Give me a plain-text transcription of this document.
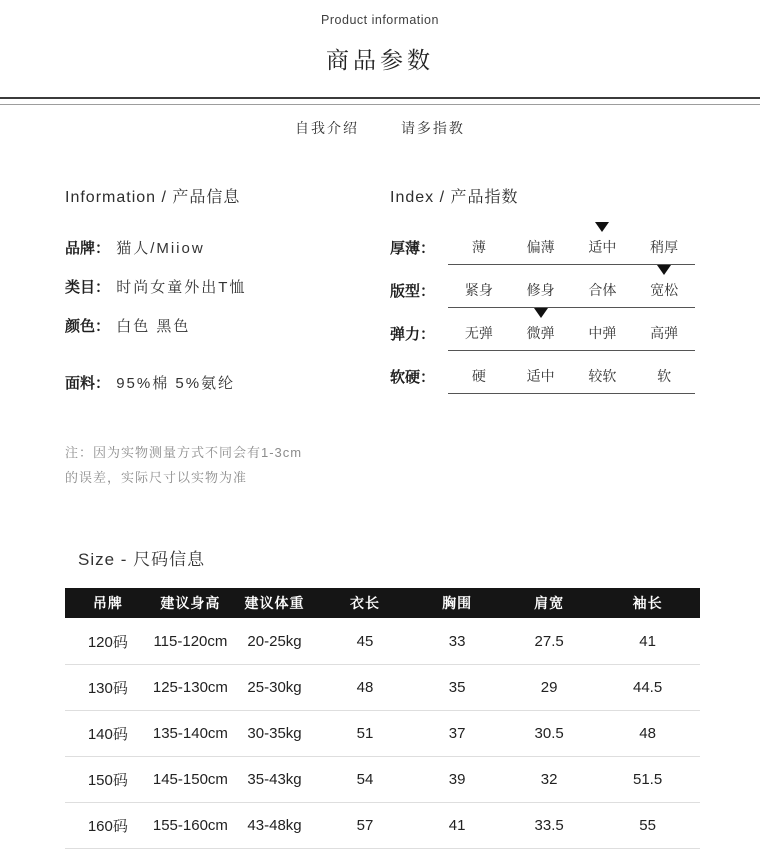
Product information
商品参数
自我介绍	请多指教
Information / 产品信息
品牌： 猫人/Miiow
类目： 时尚女童外出T恤
颜色： 白色 黑色
面料： 95%棉 5%氨纶
注：因为实物测量方式不同会有1-3cm
的误差，实际尺寸以实物为准
Index / 产品指数
厚薄：	薄	偏薄	适中	稍厚
版型：	紧身	修身	合体	宽松
弹力：	无弹	微弹	中弹	高弹
软硬：	硬	适中	较软	软
Size - 尺码信息
吊牌	建议身高	建议体重	衣长	胸围	肩宽	袖长
120码	115-120cm	20-25kg	45	33	27.5	41
130码	125-130cm	25-30kg	48	35	29	44.5
140码	135-140cm	30-35kg	51	37	30.5	48
150码	145-150cm	35-43kg	54	39	32	51.5
160码	155-160cm	43-48kg	57	41	33.5	55
